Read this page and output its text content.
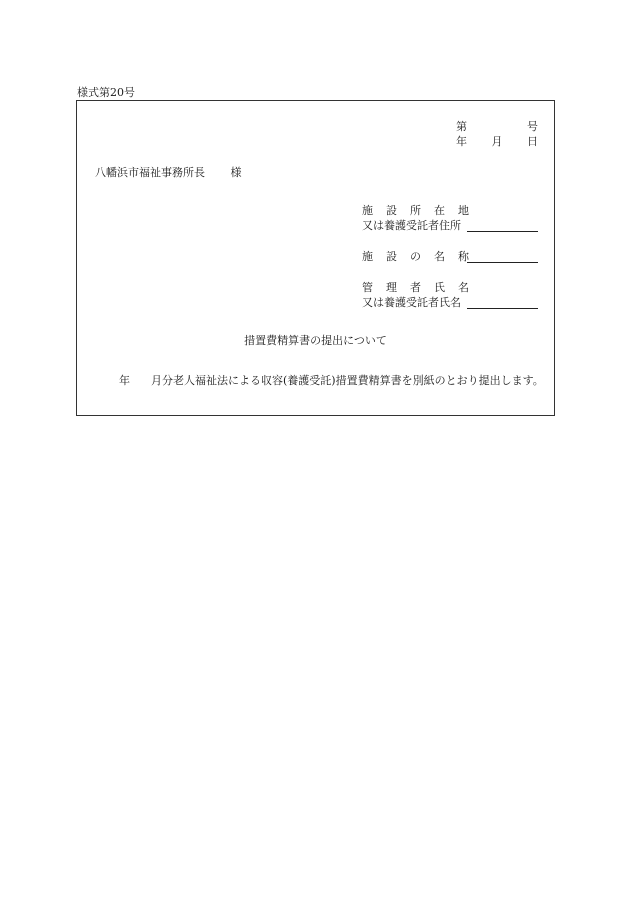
様式第20号
第	号
年 月 日
八幡浜市福祉事務所長 様
施 設 所 在 地
又は養護受託者住所
施 設 の 名 称
管 理 者 氏 名
又は養護受託者氏名
措置費精算書の提出について
年 月分老人福祉法による収容(養護受託)措置費精算書を別紙のとおり提出します。
